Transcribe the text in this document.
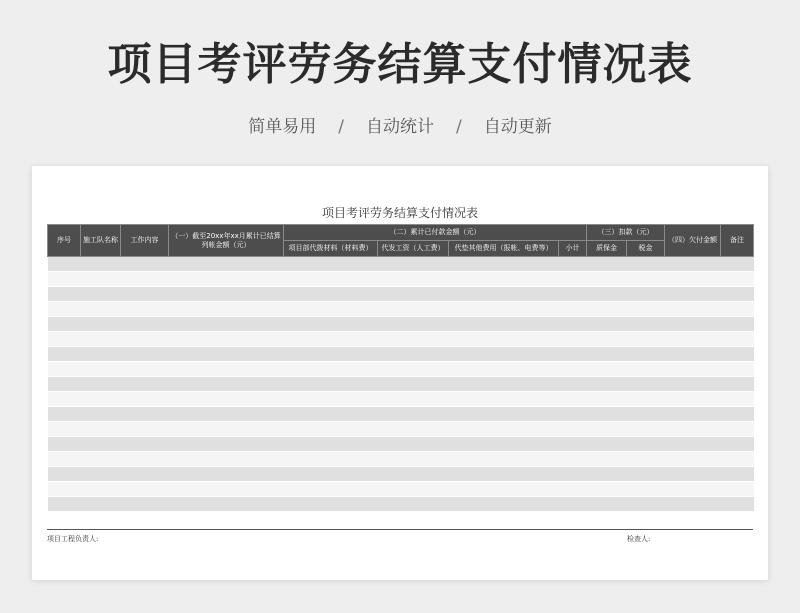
项目考评劳务结算支付情况表
简单易用 / 自动统计 / 自动更新
项目考评劳务结算支付情况表
序号	施工队名称	工作内容	（一）截至20xx年xx月累计已结算列帐金额（元）	（二）累计已付款金额（元）				（三）扣款（元）		（四）欠付金额	备注
				项目部代拨材料（材料费）	代发工资（人工费）	代垫其他费用（报帐、电费等）	小计	质保金	税金		

项目工程负责人:	检查人:
